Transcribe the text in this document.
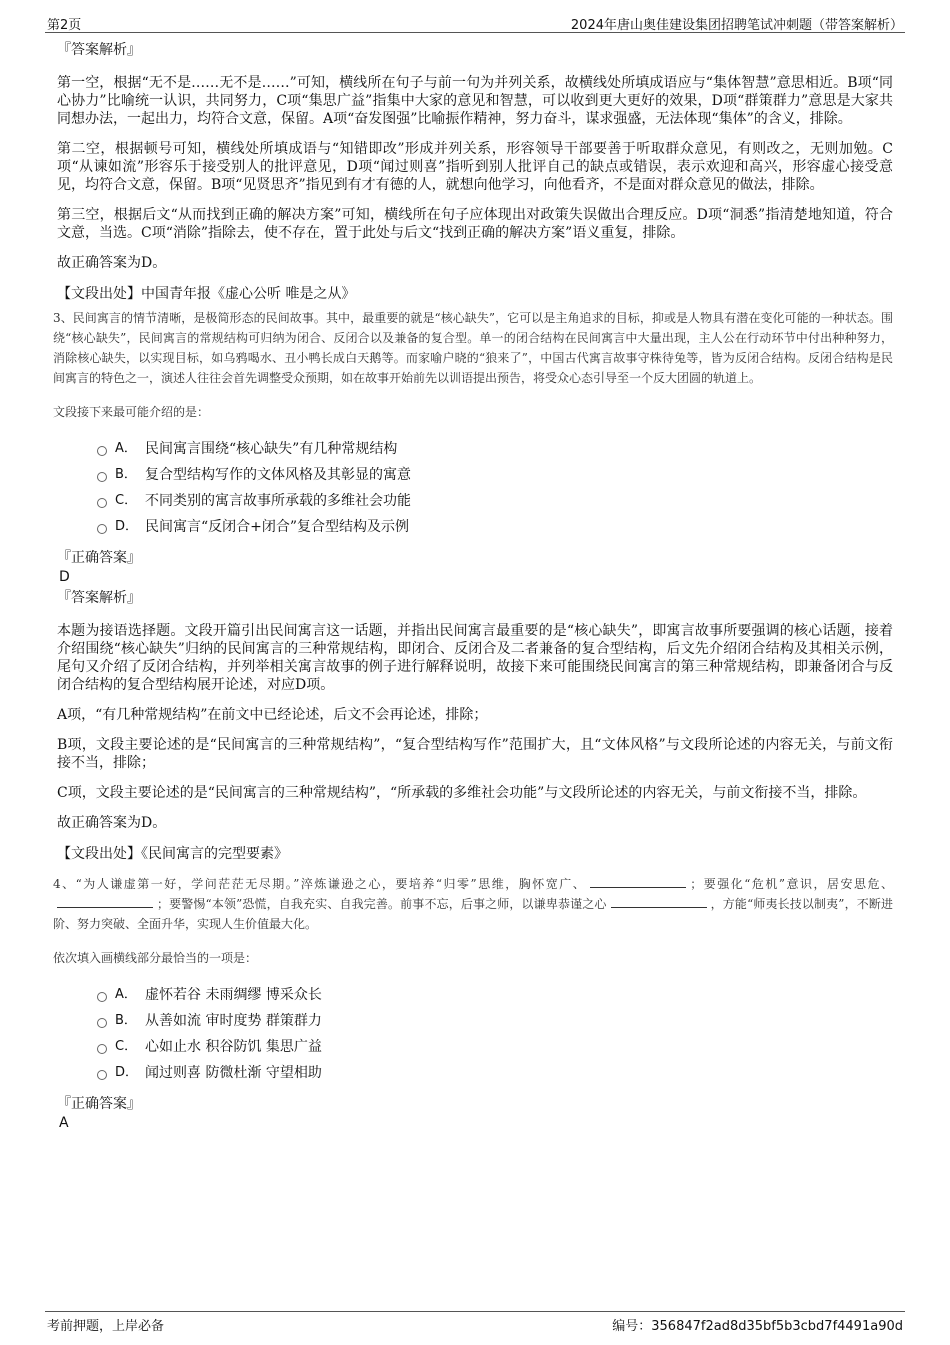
第2页	2024年唐山奥佳建设集团招聘笔试冲刺题（带答案解析）

『答案解析』

第一空，根据“无不是……无不是……”可知，横线所在句子与前一句为并列关系，故横线处所填成语应与“集体智慧”意思相近。B项“同心协力”比喻统一认识，共同努力，C项“集思广益”指集中大家的意见和智慧，可以收到更大更好的效果，D项“群策群力”意思是大家共同想办法，一起出力，均符合文意，保留。A项“奋发图强”比喻振作精神，努力奋斗，谋求强盛，无法体现“集体”的含义，排除。

第二空，根据顿号可知，横线处所填成语与“知错即改”形成并列关系，形容领导干部要善于听取群众意见，有则改之，无则加勉。C项“从谏如流”形容乐于接受别人的批评意见，D项“闻过则喜”指听到别人批评自己的缺点或错误，表示欢迎和高兴，形容虚心接受意见，均符合文意，保留。B项“见贤思齐”指见到有才有德的人，就想向他学习，向他看齐，不是面对群众意见的做法，排除。

第三空，根据后文“从而找到正确的解决方案”可知，横线所在句子应体现出对政策失误做出合理反应。D项“洞悉”指清楚地知道，符合文意，当选。C项“消除”指除去，使不存在，置于此处与后文“找到正确的解决方案”语义重复，排除。

故正确答案为D。

【文段出处】中国青年报《虚心公听 唯是之从》

3、民间寓言的情节清晰，是极简形态的民间故事。其中，最重要的就是“核心缺失”，它可以是主角追求的目标，抑或是人物具有潜在变化可能的一种状态。围绕“核心缺失”，民间寓言的常规结构可归纳为闭合、反闭合以及兼备的复合型。单一的闭合结构在民间寓言中大量出现，主人公在行动环节中付出种种努力，消除核心缺失，以实现目标，如乌鸦喝水、丑小鸭长成白天鹅等。而家喻户晓的“狼来了”，中国古代寓言故事守株待兔等，皆为反闭合结构。反闭合结构是民间寓言的特色之一，演述人往往会首先调整受众预期，如在故事开始前先以训语提出预告，将受众心态引导至一个反大团圆的轨道上。

文段接下来最可能介绍的是：

A． 民间寓言围绕“核心缺失”有几种常规结构
B． 复合型结构写作的文体风格及其彰显的寓意
C． 不同类别的寓言故事所承载的多维社会功能
D． 民间寓言“反闭合+闭合”复合型结构及示例

『正确答案』

D

『答案解析』

本题为接语选择题。文段开篇引出民间寓言这一话题，并指出民间寓言最重要的是“核心缺失”，即寓言故事所要强调的核心话题，接着介绍围绕“核心缺失”归纳的民间寓言的三种常规结构，即闭合、反闭合及二者兼备的复合型结构，后文先介绍闭合结构及其相关示例，尾句又介绍了反闭合结构，并列举相关寓言故事的例子进行解释说明，故接下来可能围绕民间寓言的第三种常规结构，即兼备闭合与反闭合结构的复合型结构展开论述，对应D项。

A项，“有几种常规结构”在前文中已经论述，后文不会再论述，排除；

B项，文段主要论述的是“民间寓言的三种常规结构”，“复合型结构写作”范围扩大，且“文体风格”与文段所论述的内容无关，与前文衔接不当，排除；

C项，文段主要论述的是“民间寓言的三种常规结构”，“所承载的多维社会功能”与文段所论述的内容无关，与前文衔接不当，排除。

故正确答案为D。

【文段出处】《民间寓言的完型要素》

4、“为人谦虚第一好，学问茫茫无尽期。”淬炼谦逊之心，要培养“归零”思维，胸怀宽广、	；要强化“危机”意识，居安思危、；要警惕“本领”恐慌，自我充实、自我完善。前事不忘，后事之师，以谦卑恭谨之心	，方能“师夷长技以制夷”，不断进阶、努力突破、全面升华，实现人生价值最大化。

依次填入画横线部分最恰当的一项是：

A． 虚怀若谷 未雨绸缪 博采众长
B． 从善如流 审时度势 群策群力
C． 心如止水 积谷防饥 集思广益
D． 闻过则喜 防微杜渐 守望相助

『正确答案』

A

考前押题，上岸必备	编号：356847f2ad8d35bf5b3cbd7f4491a90d
